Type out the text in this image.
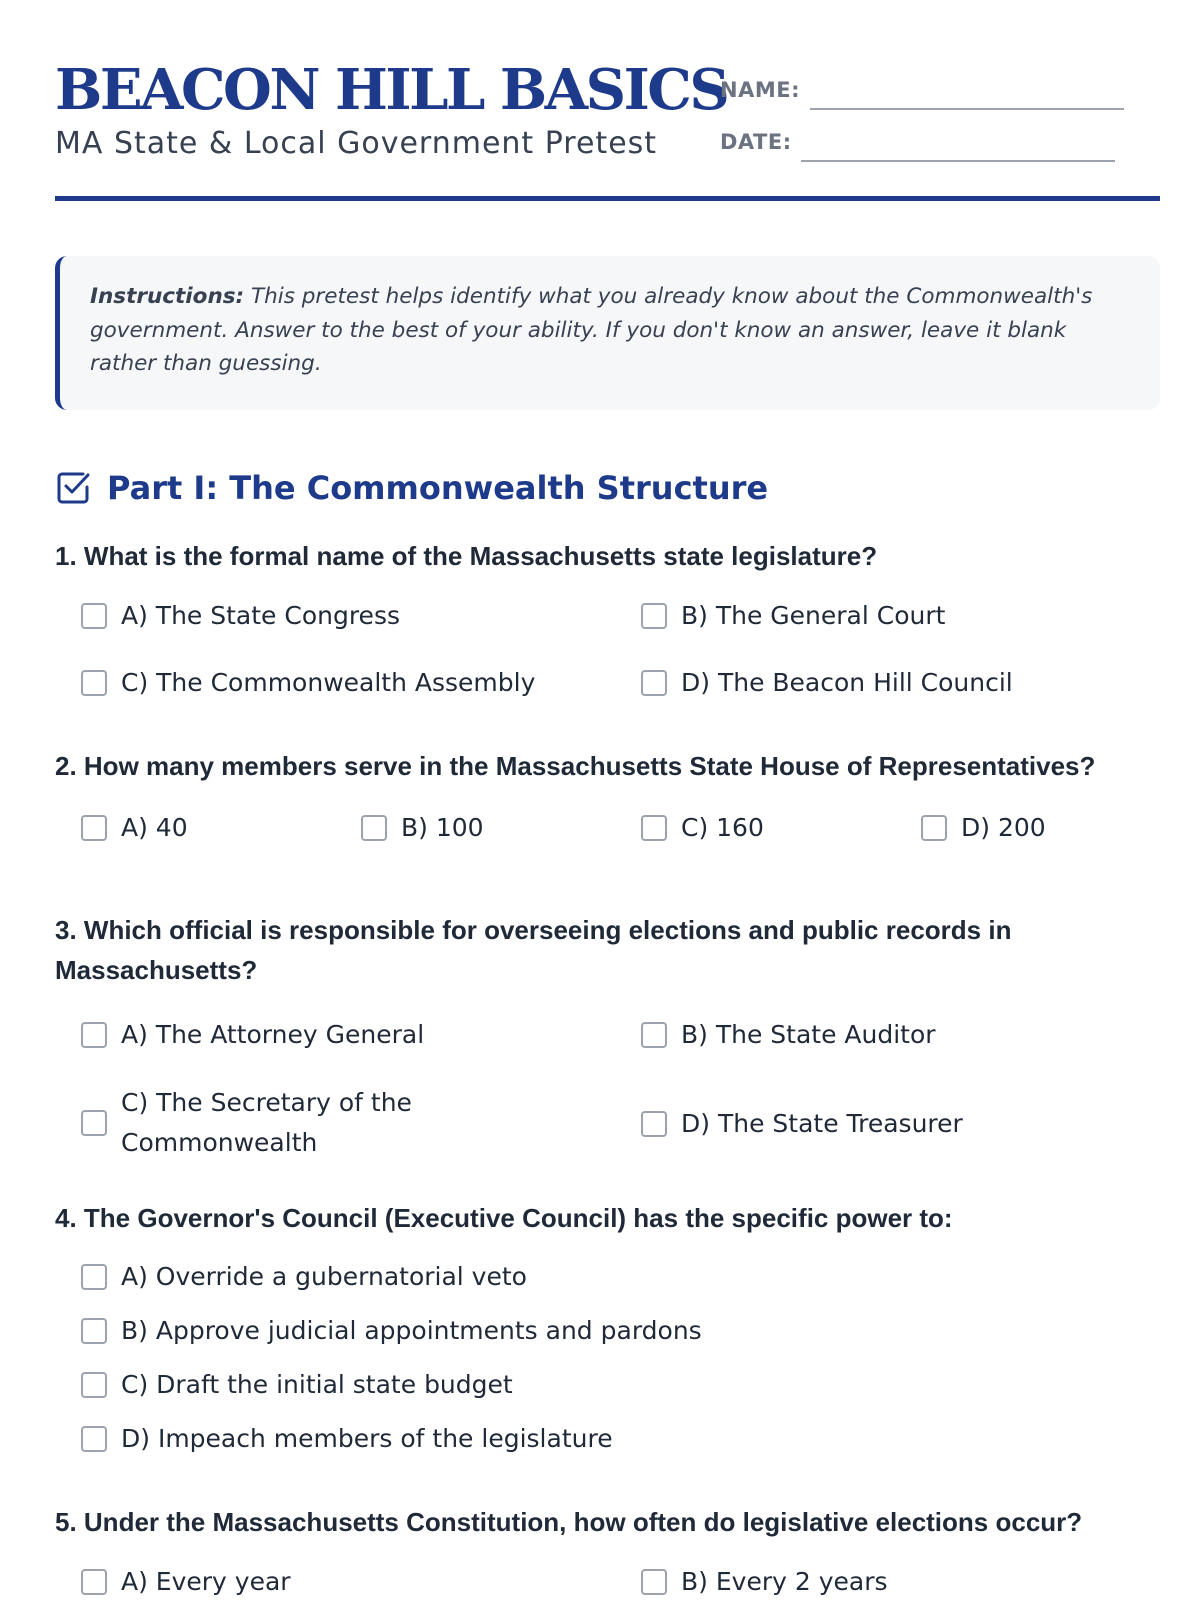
BEACON HILL BASICS
MA State & Local Government Pretest
NAME:
DATE:
Instructions: This pretest helps identify what you already know about the Commonwealth's government. Answer to the best of your ability. If you don't know an answer, leave it blank rather than guessing.
Part I: The Commonwealth Structure
1. What is the formal name of the Massachusetts state legislature?
A) The State Congress	B) The General Court
C) The Commonwealth Assembly	D) The Beacon Hill Council
2. How many members serve in the Massachusetts State House of Representatives?
A) 40	B) 100	C) 160	D) 200
3. Which official is responsible for overseeing elections and public records in Massachusetts?
A) The Attorney General	B) The State Auditor
C) The Secretary of the Commonwealth
D) The State Treasurer
4. The Governor's Council (Executive Council) has the specific power to:
A) Override a gubernatorial veto
B) Approve judicial appointments and pardons
C) Draft the initial state budget
D) Impeach members of the legislature
5. Under the Massachusetts Constitution, how often do legislative elections occur?
A) Every year	B) Every 2 years
